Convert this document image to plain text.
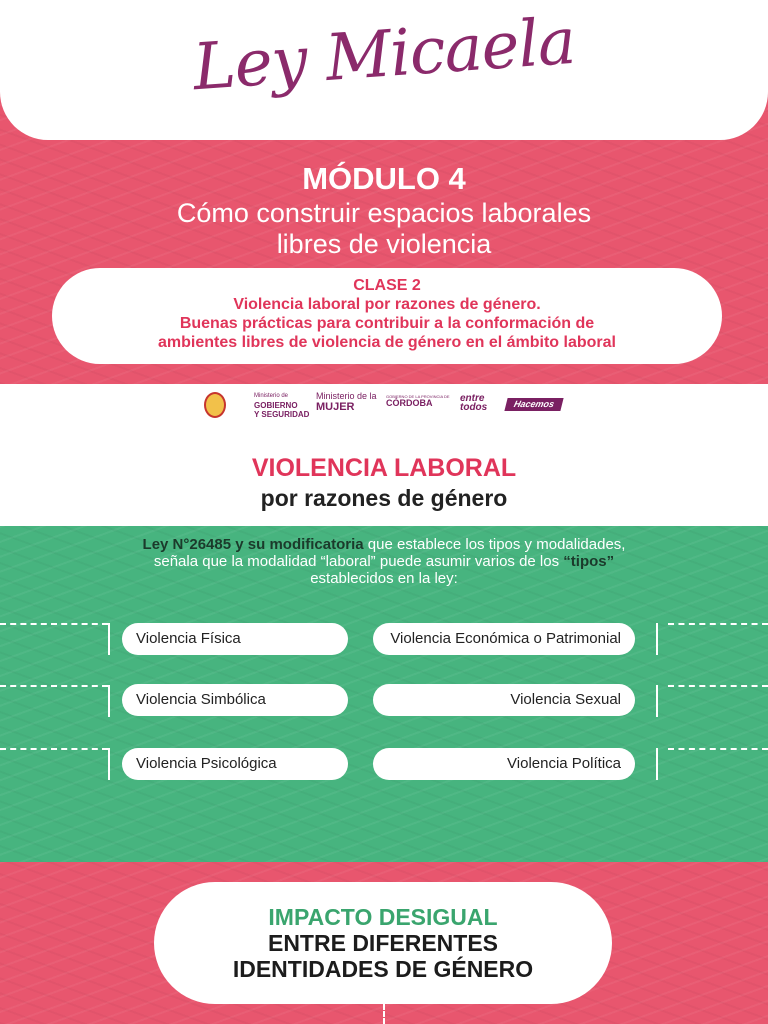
Ley Micaela
MÓDULO 4
Cómo construir espacios laborales
libres de violencia
CLASE 2
Violencia laboral por razones de género.
Buenas prácticas para contribuir a la conformación de
ambientes libres de violencia de género en el ámbito laboral
Ministerio de
GOBIERNO
Y SEGURIDAD
Ministerio de la
MUJER
GOBIERNO DE LA PROVINCIA DE
CÓRDOBA	entre
todos	Hacemos
VIOLENCIA LABORAL
por razones de género
Ley N°26485 y su modificatoria que establece los tipos y modalidades, señala que la modalidad “laboral” puede asumir varios de los “tipos” establecidos en la ley:
Violencia Física	Violencia Económica o Patrimonial
Violencia Simbólica	Violencia Sexual
Violencia Psicológica	Violencia Política
IMPACTO DESIGUAL
ENTRE DIFERENTES
IDENTIDADES DE GÉNERO
